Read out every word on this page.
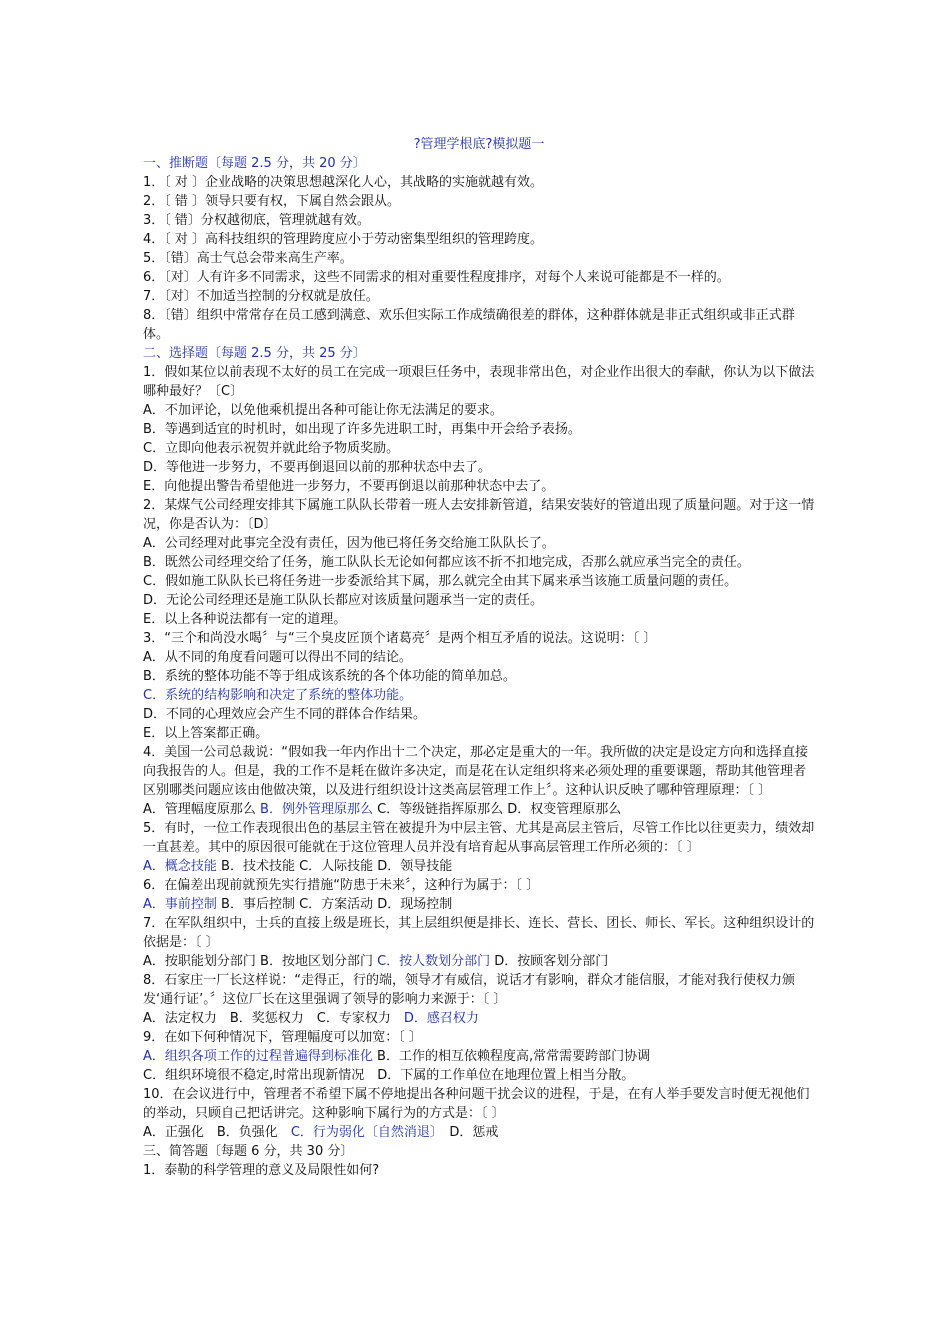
?管理学根底?模拟题一

一、推断题〔每题 2.5 分，共 20 分〕

1．〔 对 〕企业战略的决策思想越深化人心，其战略的实施就越有效。

2．〔 错 〕领导只要有权，下属自然会跟从。

3．〔 错〕分权越彻底，管理就越有效。

4．〔 对 〕高科技组织的管理跨度应小于劳动密集型组织的管理跨度。

5．〔错〕高士气总会带来高生产率。

6．〔对〕人有许多不同需求，这些不同需求的相对重要性程度排序，对每个人来说可能都是不一样的。

7．〔对〕不加适当控制的分权就是放任。

8．〔错〕组织中常常存在员工感到满意、欢乐但实际工作成绩确很差的群体，这种群体就是非正式组织或非正式群体。

二、选择题〔每题 2.5 分，共 25 分〕

1．假如某位以前表现不太好的员工在完成一项艰巨任务中，表现非常出色，对企业作出很大的奉献，你认为以下做法哪种最好？〔C〕

A．不加评论，以免他乘机提出各种可能让你无法满足的要求。

B．等遇到适宜的时机时，如出现了许多先进职工时，再集中开会给予表扬。

C．立即向他表示祝贺并就此给予物质奖励。

D．等他进一步努力，不要再倒退回以前的那种状态中去了。

E．向他提出警告希望他进一步努力，不要再倒退以前那种状态中去了。

2．某煤气公司经理安排其下属施工队队长带着一班人去安排新管道，结果安装好的管道出现了质量问题。对于这一情况，你是否认为：〔D〕

A．公司经理对此事完全没有责任，因为他已将任务交给施工队队长了。

B．既然公司经理交给了任务，施工队队长无论如何都应该不折不扣地完成，否那么就应承当完全的责任。

C．假如施工队队长已将任务进一步委派给其下属，那么就完全由其下属来承当该施工质量问题的责任。

D．无论公司经理还是施工队队长都应对该质量问题承当一定的责任。

E．以上各种说法都有一定的道理。

3．“三个和尚没水喝〞与“三个臭皮匠顶个诸葛亮〞是两个相互矛盾的说法。这说明：〔 〕

A．从不同的角度看问题可以得出不同的结论。

B．系统的整体功能不等于组成该系统的各个体功能的简单加总。

C．系统的结构影响和决定了系统的整体功能。

D．不同的心理效应会产生不同的群体合作结果。

E．以上答案都正确。

4．美国一公司总裁说：“假如我一年内作出十二个决定，那必定是重大的一年。我所做的决定是设定方向和选择直接向我报告的人。但是，我的工作不是耗在做许多决定，而是花在认定组织将来必须处理的重要课题，帮助其他管理者区别哪类问题应该由他做决策，以及进行组织设计这类高层管理工作上〞。这种认识反映了哪种管理原理：〔 〕

A．管理幅度原那么 B．例外管理原那么 C．等级链指挥原那么 D．权变管理原那么

5．有时，一位工作表现很出色的基层主管在被提升为中层主管、尤其是高层主管后，尽管工作比以往更卖力，绩效却一直甚差。其中的原因很可能就在于这位管理人员并没有培育起从事高层管理工作所必须的：〔 〕

A．概念技能 B．技术技能 C．人际技能 D．领导技能

6．在偏差出现前就预先实行措施“防患于未来〞，这种行为属于：〔 〕

A．事前控制 B．事后控制 C．方案活动 D．现场控制

7．在军队组织中，士兵的直接上级是班长，其上层组织便是排长、连长、营长、团长、师长、军长。这种组织设计的依据是：〔 〕

A．按职能划分部门 B．按地区划分部门 C．按人数划分部门 D．按顾客划分部门

8．石家庄一厂长这样说：“走得正，行的端，领导才有威信，说话才有影响，群众才能信服，才能对我行使权力颁发‘通行证’。〞这位厂长在这里强调了领导的影响力来源于：〔 〕

A．法定权力　B．奖惩权力　C．专家权力　D．感召权力

9．在如下何种情况下，管理幅度可以加宽：〔 〕

A．组织各项工作的过程普遍得到标准化 B．工作的相互依赖程度高,常常需要跨部门协调

C．组织环境很不稳定,时常出现新情况　D．下属的工作单位在地理位置上相当分散。

10．在会议进行中，管理者不希望下属不停地提出各种问题干扰会议的进程，于是，在有人举手要发言时便无视他们的举动，只顾自己把话讲完。这种影响下属行为的方式是：〔 〕

A．正强化　B．负强化　C．行为弱化〔自然消退〕　D．惩戒

三、简答题〔每题 6 分，共 30 分〕

1．泰勒的科学管理的意义及局限性如何?
